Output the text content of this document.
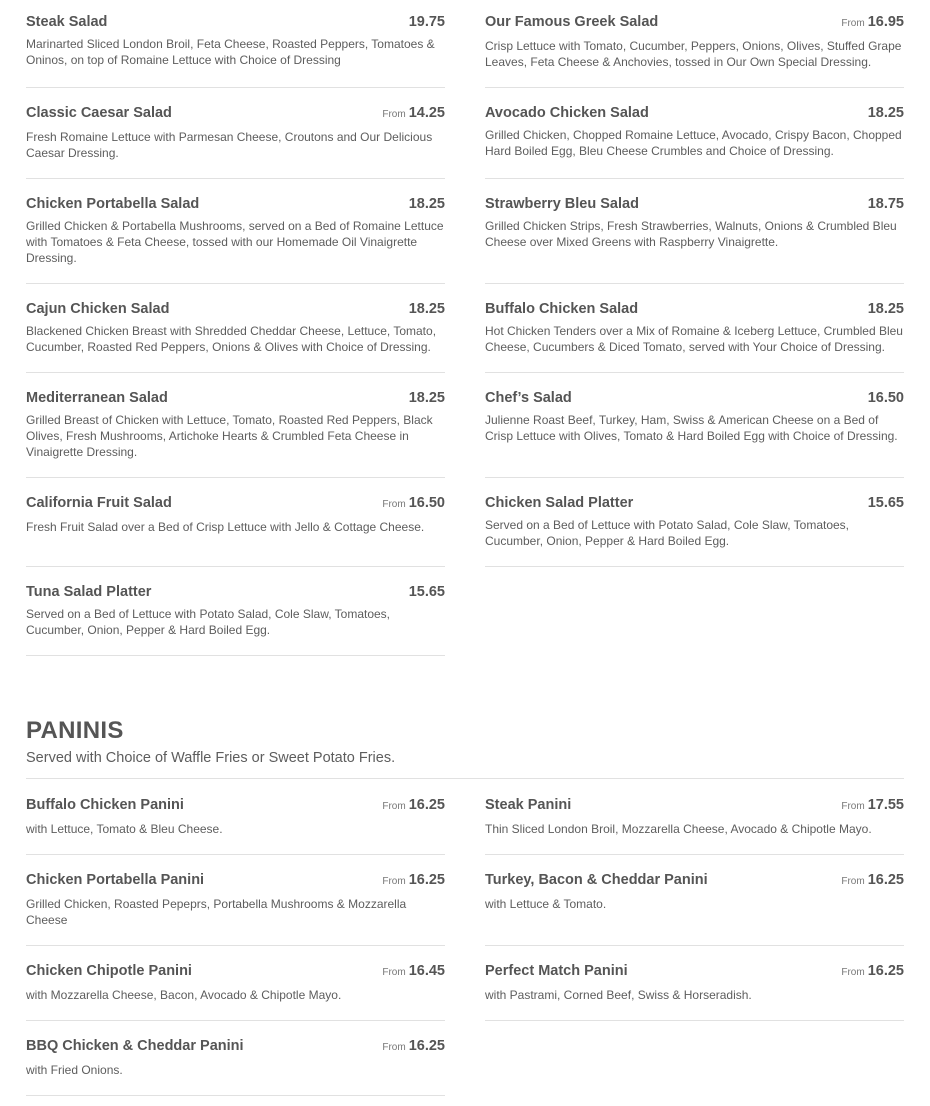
Steak Salad	19.75
Marinarted Sliced London Broil, Feta Cheese, Roasted Peppers, Tomatoes & Oninos, on top of Romaine Lettuce with Choice of Dressing
Our Famous Greek Salad	From 16.95
Crisp Lettuce with Tomato, Cucumber, Peppers, Onions, Olives, Stuffed Grape Leaves, Feta Cheese & Anchovies, tossed in Our Own Special Dressing.
Classic Caesar Salad	From 14.25
Fresh Romaine Lettuce with Parmesan Cheese, Croutons and Our Delicious Caesar Dressing.
Avocado Chicken Salad	18.25
Grilled Chicken, Chopped Romaine Lettuce, Avocado, Crispy Bacon, Chopped Hard Boiled Egg, Bleu Cheese Crumbles and Choice of Dressing.
Chicken Portabella Salad	18.25
Grilled Chicken & Portabella Mushrooms, served on a Bed of Romaine Lettuce with Tomatoes & Feta Cheese, tossed with our Homemade Oil Vinaigrette Dressing.
Strawberry Bleu Salad	18.75
Grilled Chicken Strips, Fresh Strawberries, Walnuts, Onions & Crumbled Bleu Cheese over Mixed Greens with Raspberry Vinaigrette.
Cajun Chicken Salad	18.25
Blackened Chicken Breast with Shredded Cheddar Cheese, Lettuce, Tomato, Cucumber, Roasted Red Peppers, Onions & Olives with Choice of Dressing.
Buffalo Chicken Salad	18.25
Hot Chicken Tenders over a Mix of Romaine & Iceberg Lettuce, Crumbled Bleu Cheese, Cucumbers & Diced Tomato, served with Your Choice of Dressing.
Mediterranean Salad	18.25
Grilled Breast of Chicken with Lettuce, Tomato, Roasted Red Peppers, Black Olives, Fresh Mushrooms, Artichoke Hearts & Crumbled Feta Cheese in Vinaigrette Dressing.
Chef’s Salad	16.50
Julienne Roast Beef, Turkey, Ham, Swiss & American Cheese on a Bed of Crisp Lettuce with Olives, Tomato & Hard Boiled Egg with Choice of Dressing.
California Fruit Salad	From 16.50
Fresh Fruit Salad over a Bed of Crisp Lettuce with Jello & Cottage Cheese.
Chicken Salad Platter	15.65
Served on a Bed of Lettuce with Potato Salad, Cole Slaw, Tomatoes, Cucumber, Onion, Pepper & Hard Boiled Egg.
Tuna Salad Platter	15.65
Served on a Bed of Lettuce with Potato Salad, Cole Slaw, Tomatoes, Cucumber, Onion, Pepper & Hard Boiled Egg.
PANINIS
Served with Choice of Waffle Fries or Sweet Potato Fries.
Buffalo Chicken Panini	From 16.25
with Lettuce, Tomato & Bleu Cheese.
Steak Panini	From 17.55
Thin Sliced London Broil, Mozzarella Cheese, Avocado & Chipotle Mayo.
Chicken Portabella Panini	From 16.25
Grilled Chicken, Roasted Pepeprs, Portabella Mushrooms & Mozzarella Cheese
Turkey, Bacon & Cheddar Panini	From 16.25
with Lettuce & Tomato.
Chicken Chipotle Panini	From 16.45
with Mozzarella Cheese, Bacon, Avocado & Chipotle Mayo.
Perfect Match Panini	From 16.25
with Pastrami, Corned Beef, Swiss & Horseradish.
BBQ Chicken & Cheddar Panini	From 16.25
with Fried Onions.
